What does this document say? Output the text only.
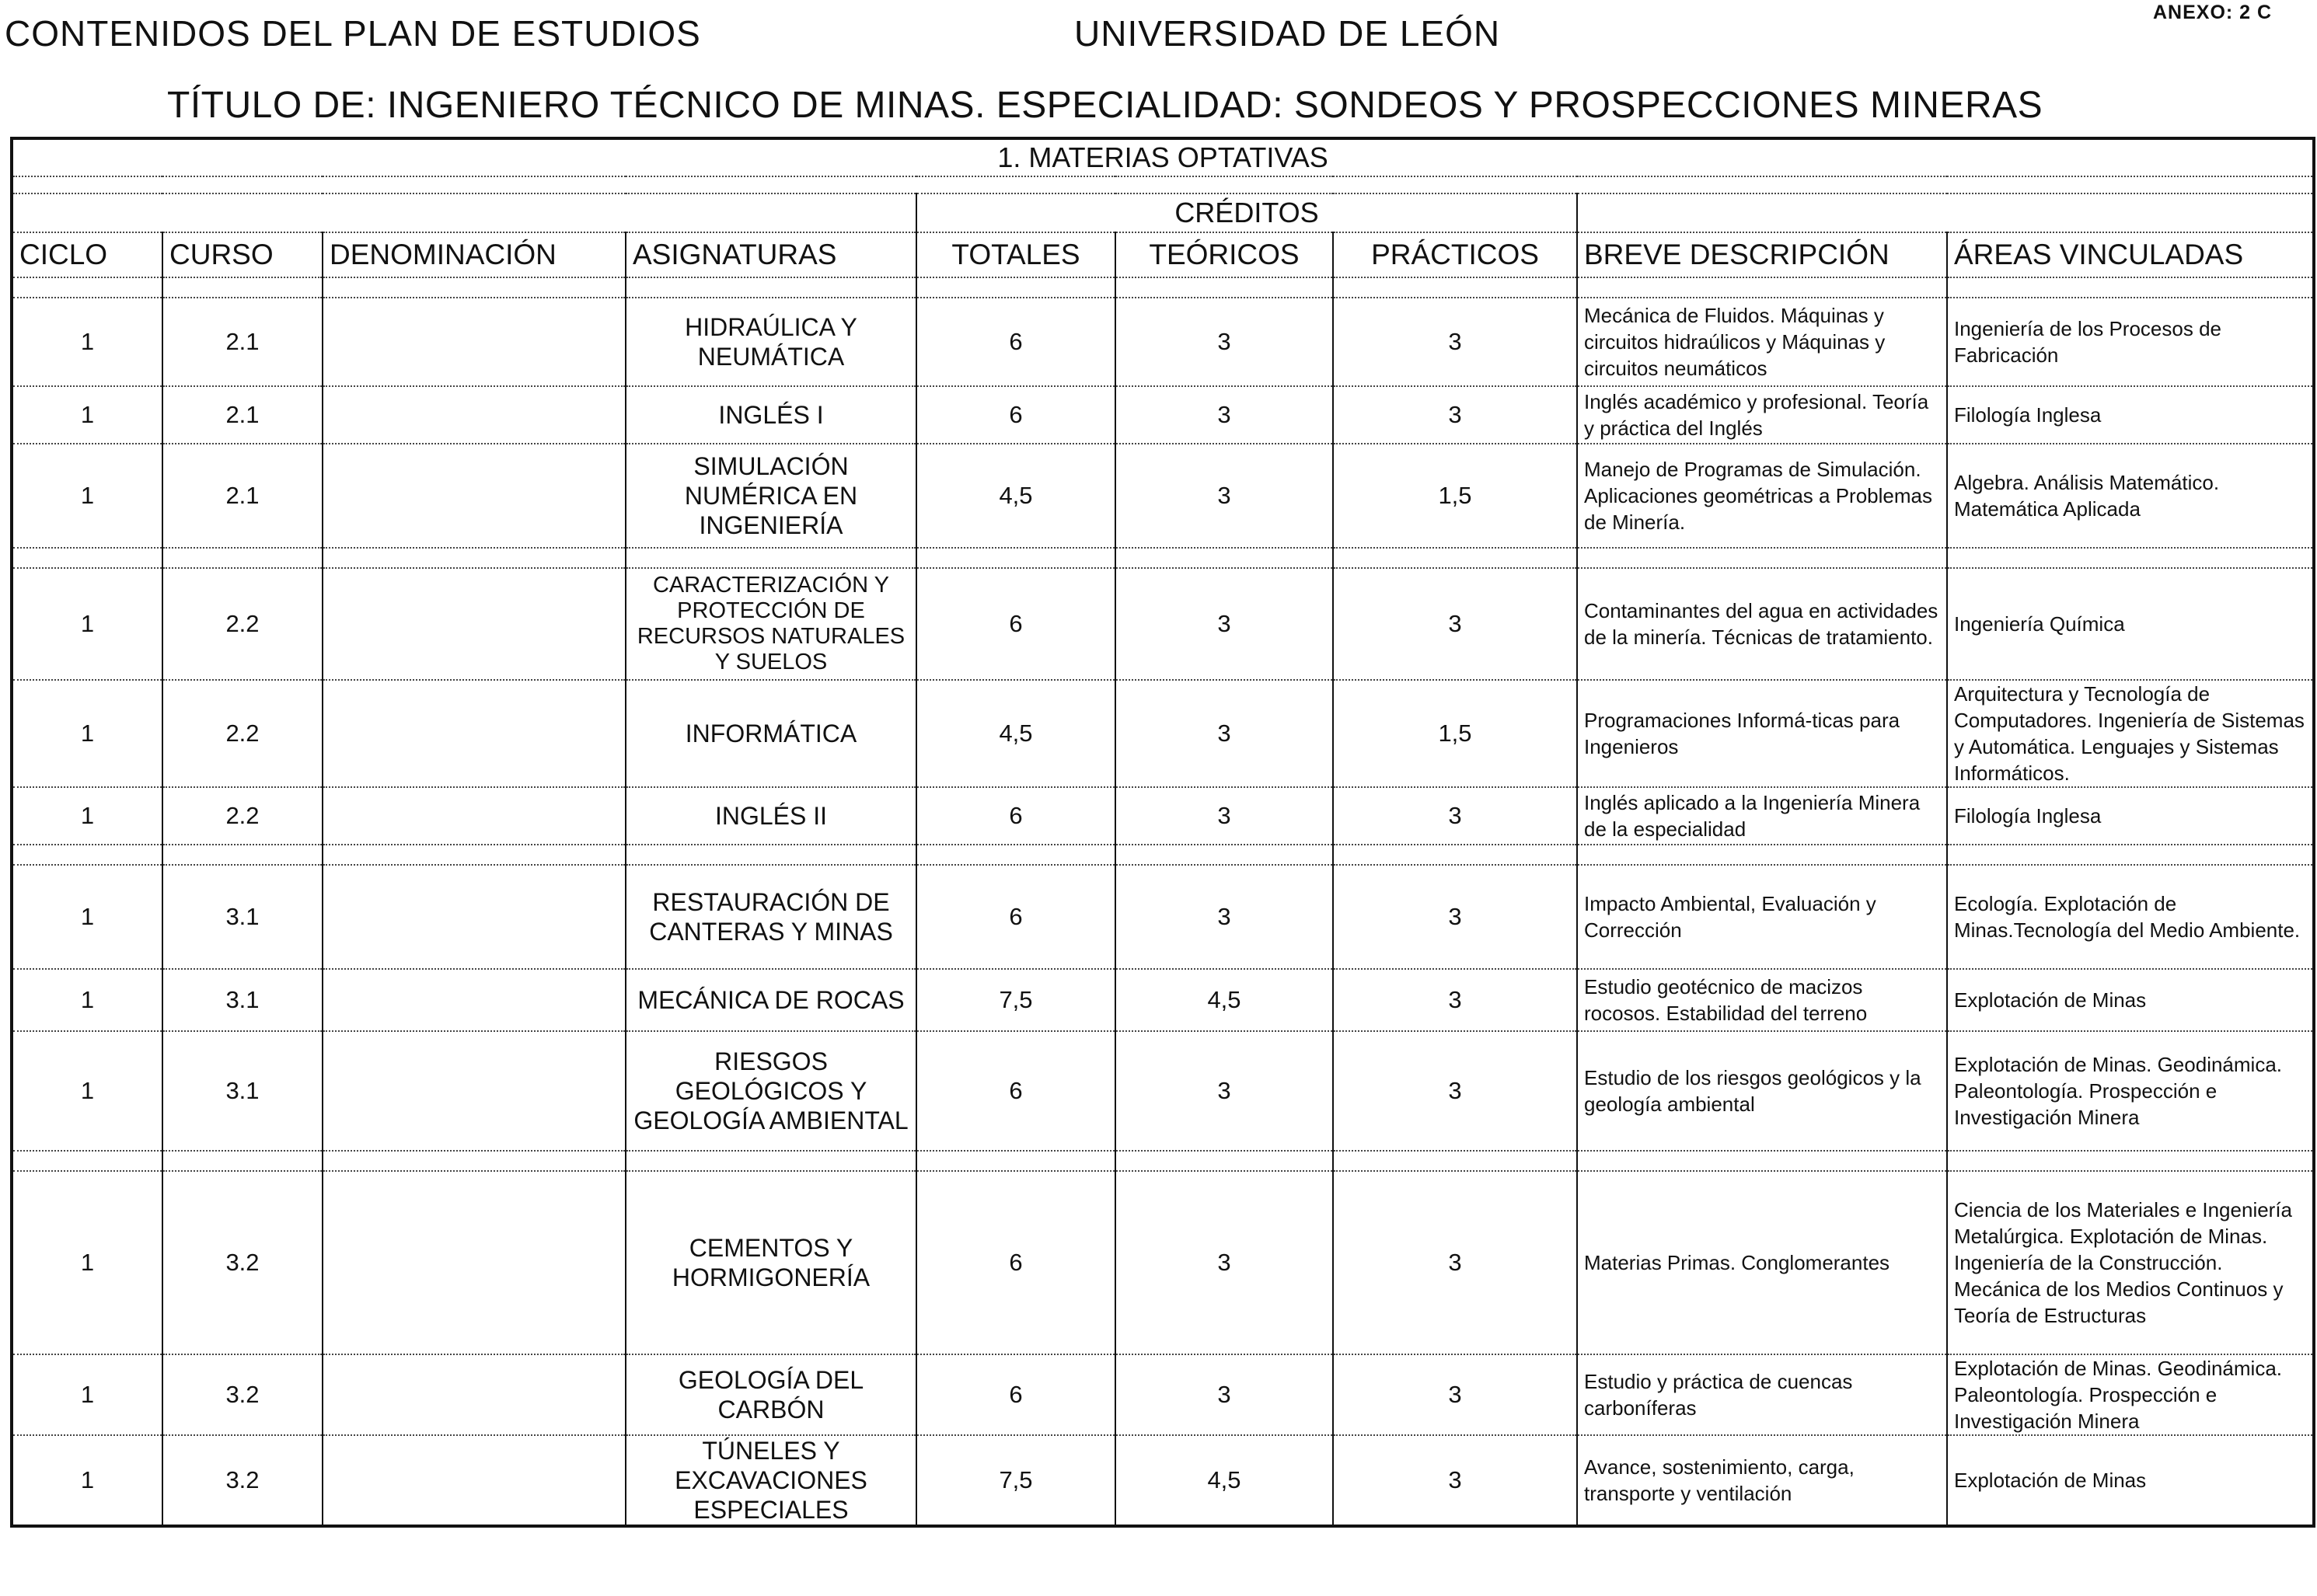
CONTENIDOS DEL PLAN DE ESTUDIOS	UNIVERSIDAD DE LEÓN
ANEXO: 2 C
TÍTULO DE: INGENIERO TÉCNICO DE MINAS. ESPECIALIDAD: SONDEOS Y PROSPECCIONES MINERAS
1. MATERIAS OPTATIVAS								

				CRÉDITOS				
CICLO	CURSO	DENOMINACIÓN	ASIGNATURAS	TOTALES	TEÓRICOS	PRÁCTICOS	BREVE DESCRIPCIÓN	ÁREAS VINCULADAS

1	2.1		HIDRAÚLICA Y NEUMÁTICA	6	3	3	Mecánica de Fluidos. Máquinas y circuitos hidraúlicos y Máquinas y circuitos neumáticos	Ingeniería de los Procesos de Fabricación
1	2.1		INGLÉS I	6	3	3	Inglés académico y profesional. Teoría y práctica del Inglés	Filología Inglesa
1	2.1		SIMULACIÓN NUMÉRICA EN INGENIERÍA	4,5	3	1,5	Manejo de Programas de Simulación. Aplicaciones geométricas a Problemas de Minería.	Algebra. Análisis Matemático. Matemática Aplicada

1	2.2		CARACTERIZACIÓN Y PROTECCIÓN DE RECURSOS NATURALES Y SUELOS	6	3	3	Contaminantes del agua en actividades de la minería. Técnicas de tratamiento.	Ingeniería Química
1	2.2		INFORMÁTICA	4,5	3	1,5	Programaciones Informá-ticas para Ingenieros	Arquitectura y Tecnología de Computadores. Ingeniería de Sistemas y Automática. Lenguajes y Sistemas Informáticos.
1	2.2		INGLÉS II	6	3	3	Inglés aplicado a la Ingeniería Minera de la especialidad	Filología Inglesa

1	3.1		RESTAURACIÓN DE CANTERAS Y MINAS	6	3	3	Impacto Ambiental, Evaluación y Corrección	Ecología. Explotación de Minas.Tecnología del Medio Ambiente.
1	3.1		MECÁNICA DE ROCAS	7,5	4,5	3	Estudio geotécnico de macizos rocosos. Estabilidad del terreno	Explotación de Minas
1	3.1		RIESGOS GEOLÓGICOS Y GEOLOGÍA AMBIENTAL	6	3	3	Estudio de los riesgos geológicos y la geología ambiental	Explotación de Minas. Geodinámica. Paleontología. Prospección e Investigación Minera

1	3.2		CEMENTOS Y HORMIGONERÍA	6	3	3	Materias Primas. Conglomerantes	Ciencia de los Materiales e Ingeniería Metalúrgica. Explotación de Minas. Ingeniería de la Construcción. Mecánica de los Medios Continuos y Teoría de Estructuras
1	3.2		GEOLOGÍA DEL CARBÓN	6	3	3	Estudio y práctica de cuencas carboníferas	Explotación de Minas. Geodinámica. Paleontología. Prospección e Investigación Minera
1	3.2		TÚNELES Y EXCAVACIONES ESPECIALES	7,5	4,5	3	Avance, sostenimiento, carga, transporte y ventilación	Explotación de Minas
